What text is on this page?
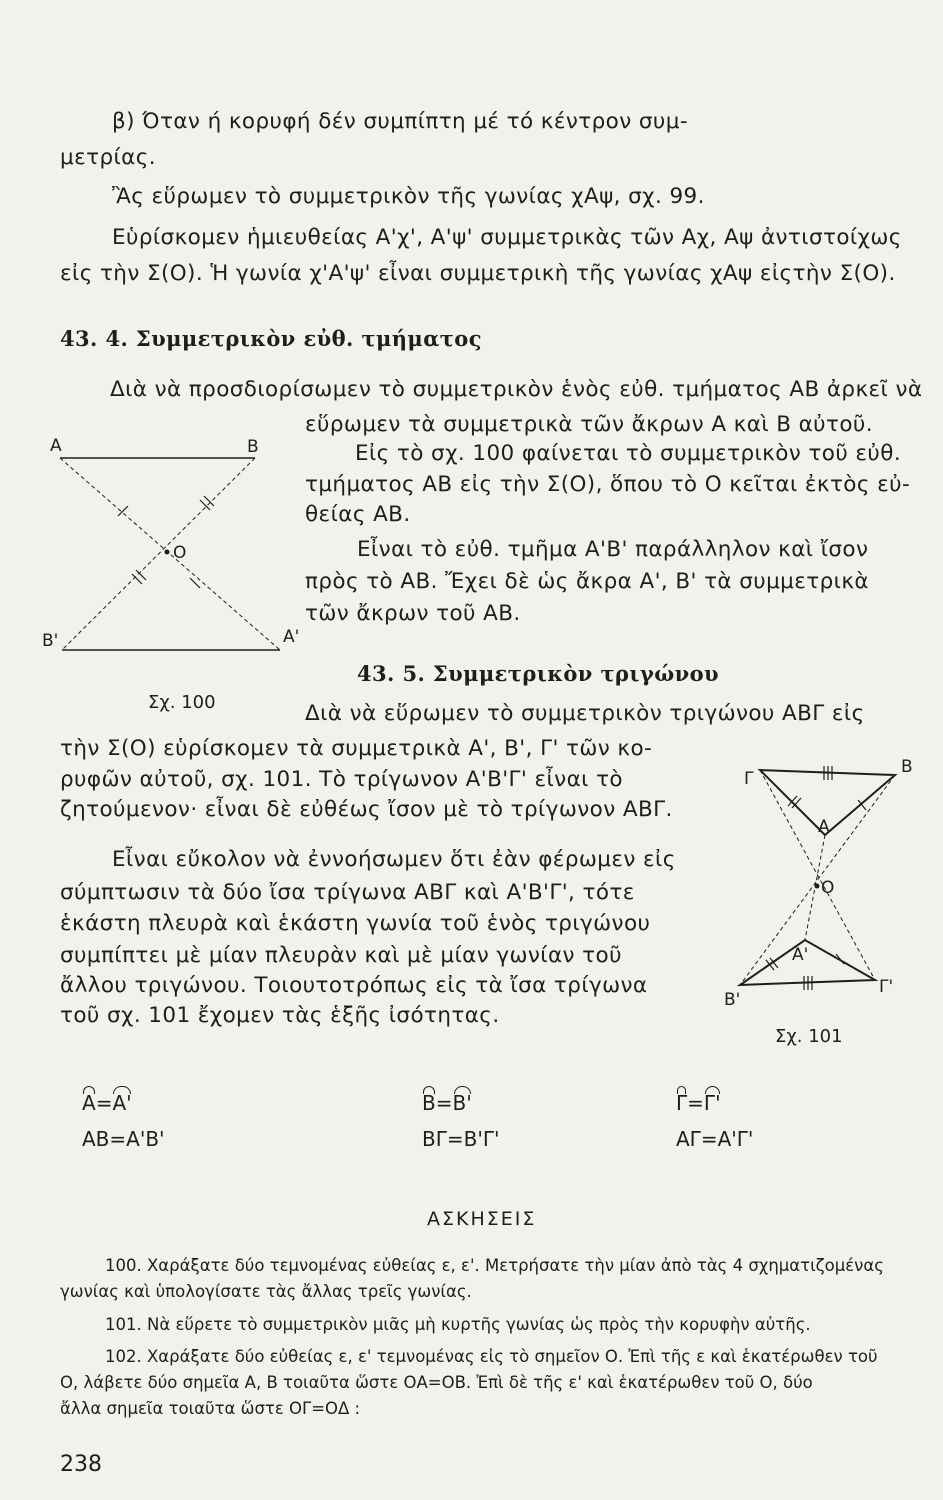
β) Όταν ή κορυφή δέν συμπίπτη μέ τό κέντρον συμ-
μετρίας.
Ἂς εὕρωμεν τὸ συμμετρικὸν τῆς γωνίας χΑψ, σχ. 99.
Εὑρίσκομεν ἡμιευθείας Α'χ', Α'ψ' συμμετρικὰς τῶν Αχ, Αψ ἀντιστοίχως
εἰς τὴν Σ(Ο). Ἡ γωνία χ'Α'ψ' εἶναι συμμετρικὴ τῆς γωνίας χΑψ εἰςτὴν Σ(Ο).
43. 4. Συμμετρικὸν εὐθ. τμήματος
Διὰ νὰ προσδιορίσωμεν τὸ συμμετρικὸν ἑνὸς εὐθ. τμήματος ΑΒ ἀρκεῖ νὰ
εὕρωμεν τὰ συμμετρικὰ τῶν ἄκρων Α καὶ Β αὐτοῦ.
Εἰς τὸ σχ. 100 φαίνεται τὸ συμμετρικὸν τοῦ εὐθ.
τμήματος ΑΒ εἰς τὴν Σ(Ο), ὅπου τὸ Ο κεῖται ἐκτὸς εὐ-
θείας ΑΒ.
Εἶναι τὸ εὐθ. τμῆμα Α'Β' παράλληλον καὶ ἴσον
πρὸς τὸ ΑΒ. Ἔχει δὲ ὡς ἄκρα Α', Β' τὰ συμμετρικὰ
τῶν ἄκρων τοῦ ΑΒ.
A	B
O
A'
B'
Σχ. 100
43. 5. Συμμετρικὸν τριγώνου
Διὰ νὰ εὕρωμεν τὸ συμμετρικὸν τριγώνου ΑΒΓ εἰς
τὴν Σ(Ο) εὑρίσκομεν τὰ συμμετρικὰ Α', Β', Γ' τῶν κο-
ρυφῶν αὐτοῦ, σχ. 101. Τὸ τρίγωνον Α'Β'Γ' εἶναι τὸ
ζητούμενον· εἶναι δὲ εὐθέως ἴσον μὲ τὸ τρίγωνον ΑΒΓ.
Εἶναι εὔκολον νὰ ἐννοήσωμεν ὅτι ἐὰν φέρωμεν εἰς
σύμπτωσιν τὰ δύο ἴσα τρίγωνα ΑΒΓ καὶ Α'Β'Γ', τότε
ἑκάστη πλευρὰ καὶ ἑκάστη γωνία τοῦ ἑνὸς τριγώνου
συμπίπτει μὲ μίαν πλευρὰν καὶ μὲ μίαν γωνίαν τοῦ
ἄλλου τριγώνου. Τοιουτοτρόπως εἰς τὰ ἴσα τρίγωνα
τοῦ σχ. 101 ἔχομεν τὰς ἑξῆς ἰσότητας.
Γ
B
A
O
A'
B'
Γ'
Σχ. 101
Α=Α'
ΑΒ=Α'Β'
Β=Β'
ΒΓ=Β'Γ'
Γ=Γ'
ΑΓ=Α'Γ'
ΑΣΚΗΣΕΙΣ
100. Χαράξατε δύο τεμνομένας εὐθείας ε, ε'. Μετρήσατε τὴν μίαν ἀπὸ τὰς 4 σχηματιζομένας
γωνίας καὶ ὑπολογίσατε τὰς ἄλλας τρεῖς γωνίας.
101. Νὰ εὕρετε τὸ συμμετρικὸν μιᾶς μὴ κυρτῆς γωνίας ὡς πρὸς τὴν κορυφὴν αὐτῆς.
102. Χαράξατε δύο εὐθείας ε, ε' τεμνομένας εἰς τὸ σημεῖον Ο. Ἐπὶ τῆς ε καὶ ἑκατέρωθεν τοῦ
Ο, λάβετε δύο σημεῖα Α, Β τοιαῦτα ὥστε ΟΑ=ΟΒ. Ἐπὶ δὲ τῆς ε' καὶ ἑκατέρωθεν τοῦ Ο, δύο
ἄλλα σημεῖα τοιαῦτα ὥστε ΟΓ=ΟΔ :
238
